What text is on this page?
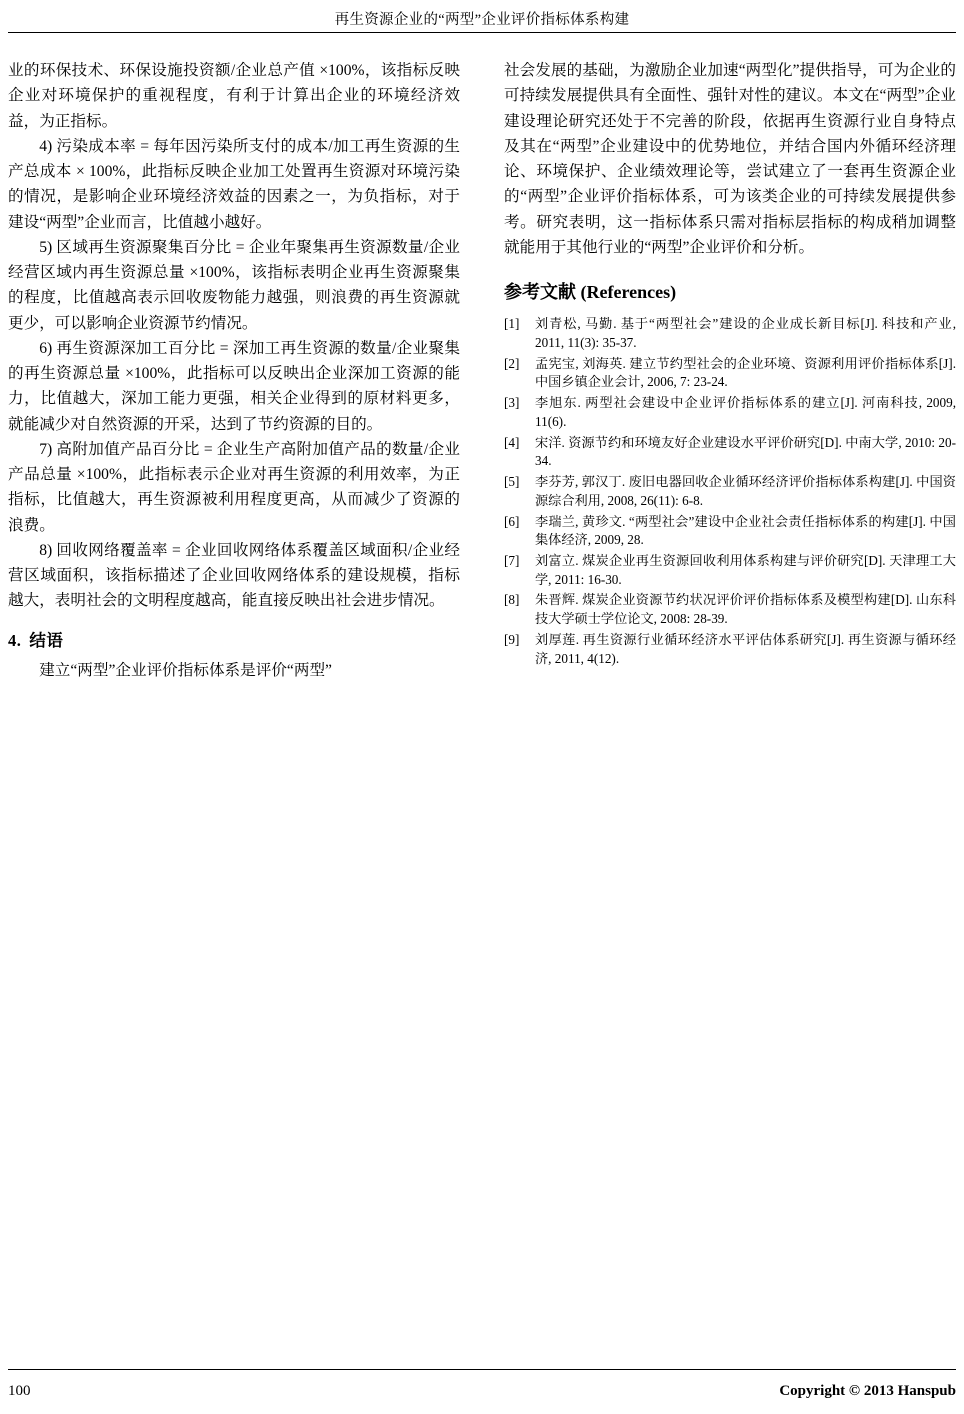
再生资源企业的“两型”企业评价指标体系构建

业的环保技术、环保设施投资额/企业总产值 ×100%，该指标反映企业对环境保护的重视程度，有利于计算出企业的环境经济效益，为正指标。

4) 污染成本率 = 每年因污染所支付的成本/加工再生资源的生产总成本 × 100%，此指标反映企业加工处置再生资源对环境污染的情况，是影响企业环境经济效益的因素之一，为负指标，对于建设“两型”企业而言，比值越小越好。

5) 区域再生资源聚集百分比 = 企业年聚集再生资源数量/企业经营区域内再生资源总量 ×100%，该指标表明企业再生资源聚集的程度，比值越高表示回收废物能力越强，则浪费的再生资源就更少，可以影响企业资源节约情况。

6) 再生资源深加工百分比 = 深加工再生资源的数量/企业聚集的再生资源总量 ×100%，此指标可以反映出企业深加工资源的能力，比值越大，深加工能力更强，相关企业得到的原材料更多，就能减少对自然资源的开采，达到了节约资源的目的。

7) 高附加值产品百分比 = 企业生产高附加值产品的数量/企业产品总量 ×100%，此指标表示企业对再生资源的利用效率，为正指标，比值越大，再生资源被利用程度更高，从而减少了资源的浪费。

8) 回收网络覆盖率 = 企业回收网络体系覆盖区域面积/企业经营区域面积，该指标描述了企业回收网络体系的建设规模，指标越大，表明社会的文明程度越高，能直接反映出社会进步情况。

4. 结语

建立“两型”企业评价指标体系是评价“两型”

社会发展的基础，为激励企业加速“两型化”提供指导，可为企业的可持续发展提供具有全面性、强针对性的建议。本文在“两型”企业建设理论研究还处于不完善的阶段，依据再生资源行业自身特点及其在“两型”企业建设中的优势地位，并结合国内外循环经济理论、环境保护、企业绩效理论等，尝试建立了一套再生资源企业的“两型”企业评价指标体系，可为该类企业的可持续发展提供参考。研究表明，这一指标体系只需对指标层指标的构成稍加调整就能用于其他行业的“两型”企业评价和分析。

参考文献 (References)
[1]	刘青松, 马勤. 基于“两型社会”建设的企业成长新目标[J]. 科技和产业, 2011, 11(3): 35-37.
[2]	孟宪宝, 刘海英. 建立节约型社会的企业环境、资源利用评价指标体系[J]. 中国乡镇企业会计, 2006, 7: 23-24.
[3]	李旭东. 两型社会建设中企业评价指标体系的建立[J]. 河南科技, 2009, 11(6).
[4]	宋洋. 资源节约和环境友好企业建设水平评价研究[D]. 中南大学, 2010: 20-34.
[5]	李芬芳, 郭汉丁. 废旧电器回收企业循环经济评价指标体系构建[J]. 中国资源综合利用, 2008, 26(11): 6-8.
[6]	李瑞兰, 黄珍文. “两型社会”建设中企业社会责任指标体系的构建[J]. 中国集体经济, 2009, 28.
[7]	刘富立. 煤炭企业再生资源回收利用体系构建与评价研究[D]. 天津理工大学, 2011: 16-30.
[8]	朱晋辉. 煤炭企业资源节约状况评价评价指标体系及模型构建[D]. 山东科技大学硕士学位论文, 2008: 28-39.
[9]	刘厚莲. 再生资源行业循环经济水平评估体系研究[J]. 再生资源与循环经济, 2011, 4(12).
100	Copyright © 2013 Hanspub
